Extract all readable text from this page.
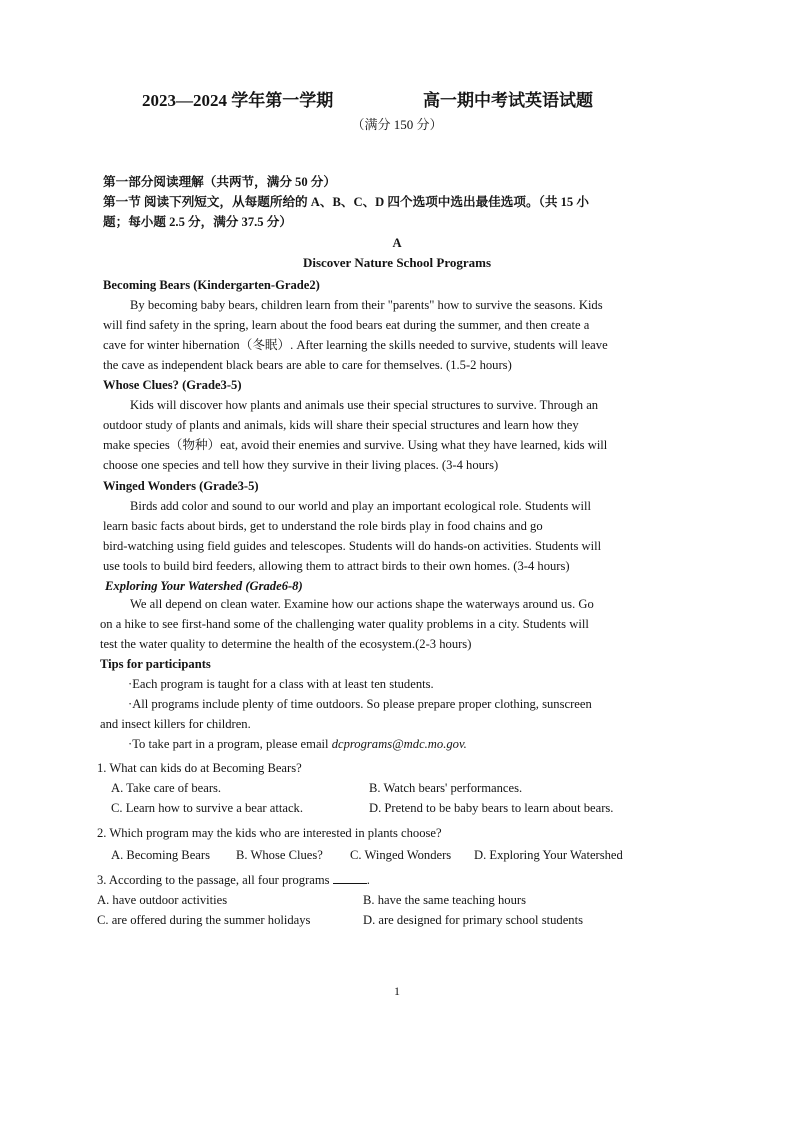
2023—2024 学年第一学期	高一期中考试英语试题
（满分 150 分）
第一部分阅读理解（共两节，满分 50 分）
第一节 阅读下列短文，从每题所给的 A、B、C、D 四个选项中选出最佳选项。（共 15 小
题；每小题 2.5 分，满分 37.5 分）
A
Discover Nature School Programs
Becoming Bears (Kindergarten-Grade2)
By becoming baby bears, children learn from their "parents" how to survive the seasons. Kids
will find safety in the spring, learn about the food bears eat during the summer, and then create a
cave for winter hibernation（冬眠）. After learning the skills needed to survive, students will leave
the cave as independent black bears are able to care for themselves. (1.5-2 hours)
Whose Clues? (Grade3-5)
Kids will discover how plants and animals use their special structures to survive. Through an
outdoor study of plants and animals, kids will share their special structures and learn how they
make species（物种）eat, avoid their enemies and survive. Using what they have learned, kids will
choose one species and tell how they survive in their living places. (3-4 hours)
Winged Wonders (Grade3-5)
Birds add color and sound to our world and play an important ecological role. Students will
learn basic facts about birds, get to understand the role birds play in food chains and go
bird-watching using field guides and telescopes. Students will do hands-on activities. Students will
use tools to build bird feeders, allowing them to attract birds to their own homes. (3-4 hours)
Exploring Your Watershed (Grade6-8)
We all depend on clean water. Examine how our actions shape the waterways around us. Go
on a hike to see first-hand some of the challenging water quality problems in a city. Students will
test the water quality to determine the health of the ecosystem.(2-3 hours)
Tips for participants
·Each program is taught for a class with at least ten students.
·All programs include plenty of time outdoors. So please prepare proper clothing, sunscreen
and insect killers for children.
·To take part in a program, please email dcprograms@mdc.mo.gov.
1. What can kids do at Becoming Bears?
A. Take care of bears.	B. Watch bears' performances.
C. Learn how to survive a bear attack.	D. Pretend to be baby bears to learn about bears.
2. Which program may the kids who are interested in plants choose?
A. Becoming Bears B. Whose Clues? C. Winged Wonders D. Exploring Your Watershed
3. According to the passage, all four programs	.
A. have outdoor activities	B. have the same teaching hours
C. are offered during the summer holidays	D. are designed for primary school students
1
